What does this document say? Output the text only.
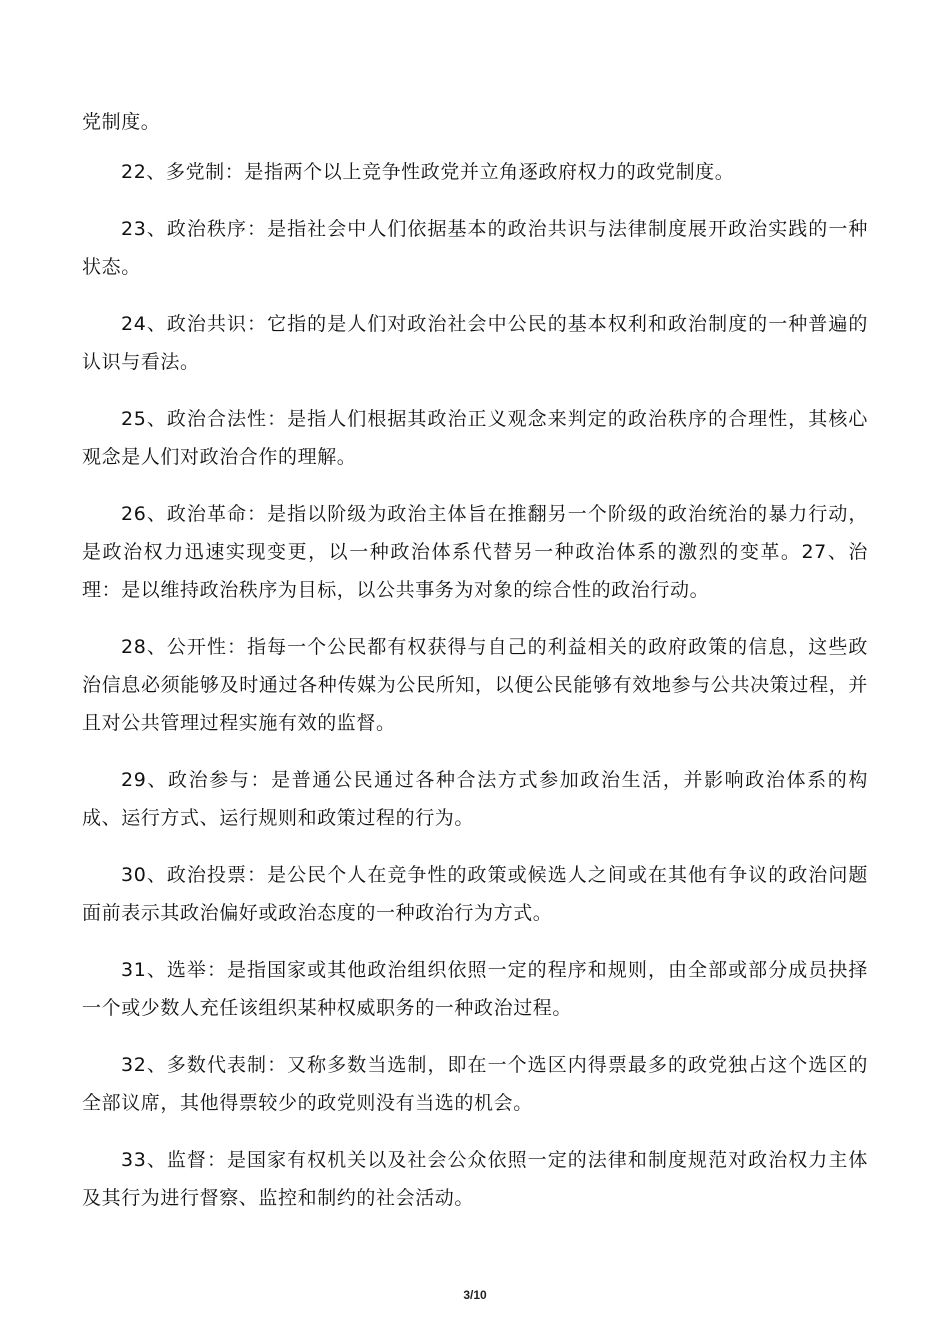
党制度。

22、多党制：是指两个以上竞争性政党并立角逐政府权力的政党制度。

23、政治秩序：是指社会中人们依据基本的政治共识与法律制度展开政治实践的一种状态。

24、政治共识：它指的是人们对政治社会中公民的基本权利和政治制度的一种普遍的认识与看法。

25、政治合法性：是指人们根据其政治正义观念来判定的政治秩序的合理性，其核心观念是人们对政治合作的理解。

26、政治革命：是指以阶级为政治主体旨在推翻另一个阶级的政治统治的暴力行动，是政治权力迅速实现变更，以一种政治体系代替另一种政治体系的激烈的变革。27、治理：是以维持政治秩序为目标，以公共事务为对象的综合性的政治行动。

28、公开性：指每一个公民都有权获得与自己的利益相关的政府政策的信息，这些政治信息必须能够及时通过各种传媒为公民所知，以便公民能够有效地参与公共决策过程，并且对公共管理过程实施有效的监督。

29、政治参与：是普通公民通过各种合法方式参加政治生活，并影响政治体系的构成、运行方式、运行规则和政策过程的行为。

30、政治投票：是公民个人在竞争性的政策或候选人之间或在其他有争议的政治问题面前表示其政治偏好或政治态度的一种政治行为方式。

31、选举：是指国家或其他政治组织依照一定的程序和规则，由全部或部分成员抉择一个或少数人充任该组织某种权威职务的一种政治过程。

32、多数代表制：又称多数当选制，即在一个选区内得票最多的政党独占这个选区的全部议席，其他得票较少的政党则没有当选的机会。

33、监督：是国家有权机关以及社会公众依照一定的法律和制度规范对政治权力主体及其行为进行督察、监控和制约的社会活动。

3/10
